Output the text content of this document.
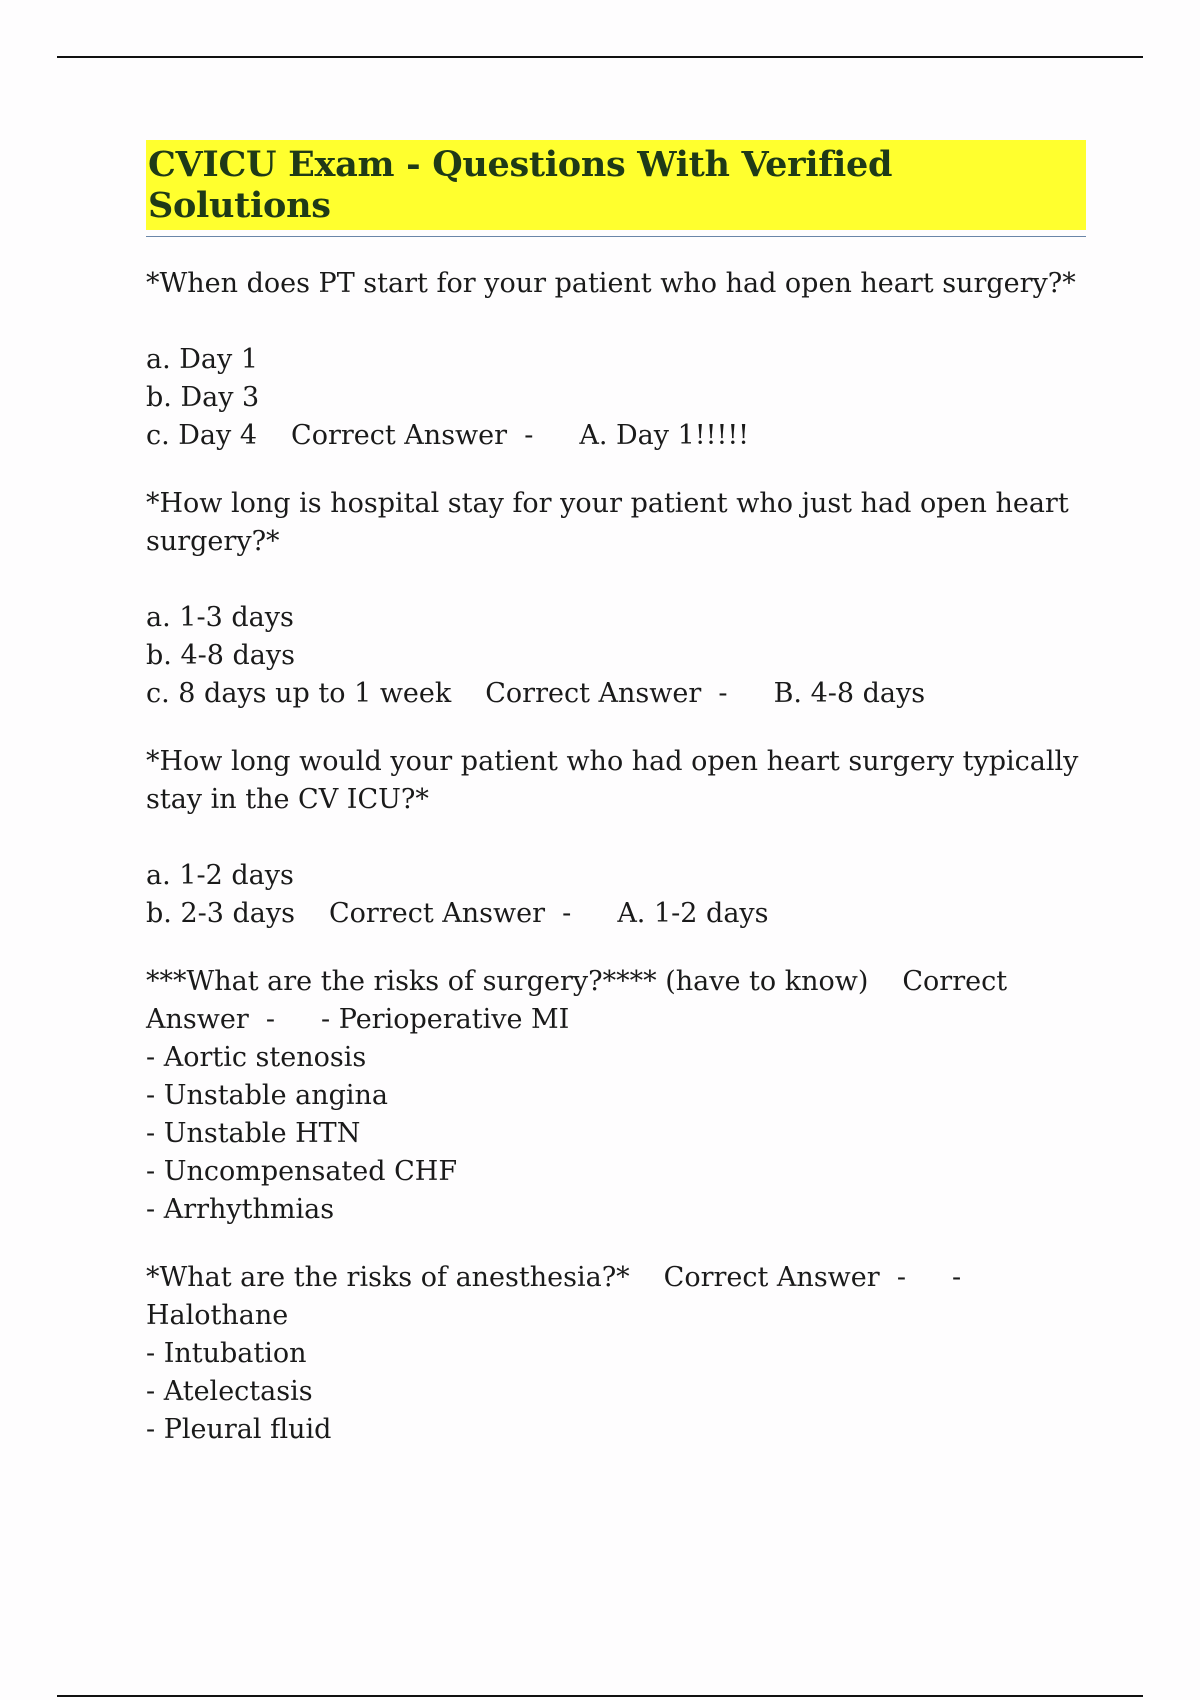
CVICU Exam - Questions With Verified Solutions

*When does PT start for your patient who had open heart surgery?*

a. Day 1
b. Day 3
c. Day 4 Correct Answer  - A. Day 1!!!!!

*How long is hospital stay for your patient who just had open heart
surgery?*

a. 1-3 days
b. 4-8 days
c. 8 days up to 1 week Correct Answer  - B. 4-8 days

*How long would your patient who had open heart surgery typically
stay in the CV ICU?*

a. 1-2 days
b. 2-3 days Correct Answer  - A. 1-2 days

***What are the risks of surgery?**** (have to know) Correct
Answer  - - Perioperative MI
- Aortic stenosis
- Unstable angina
- Unstable HTN
- Uncompensated CHF
- Arrhythmias

*What are the risks of anesthesia?* Correct Answer  - -
Halothane
- Intubation
- Atelectasis
- Pleural fluid
